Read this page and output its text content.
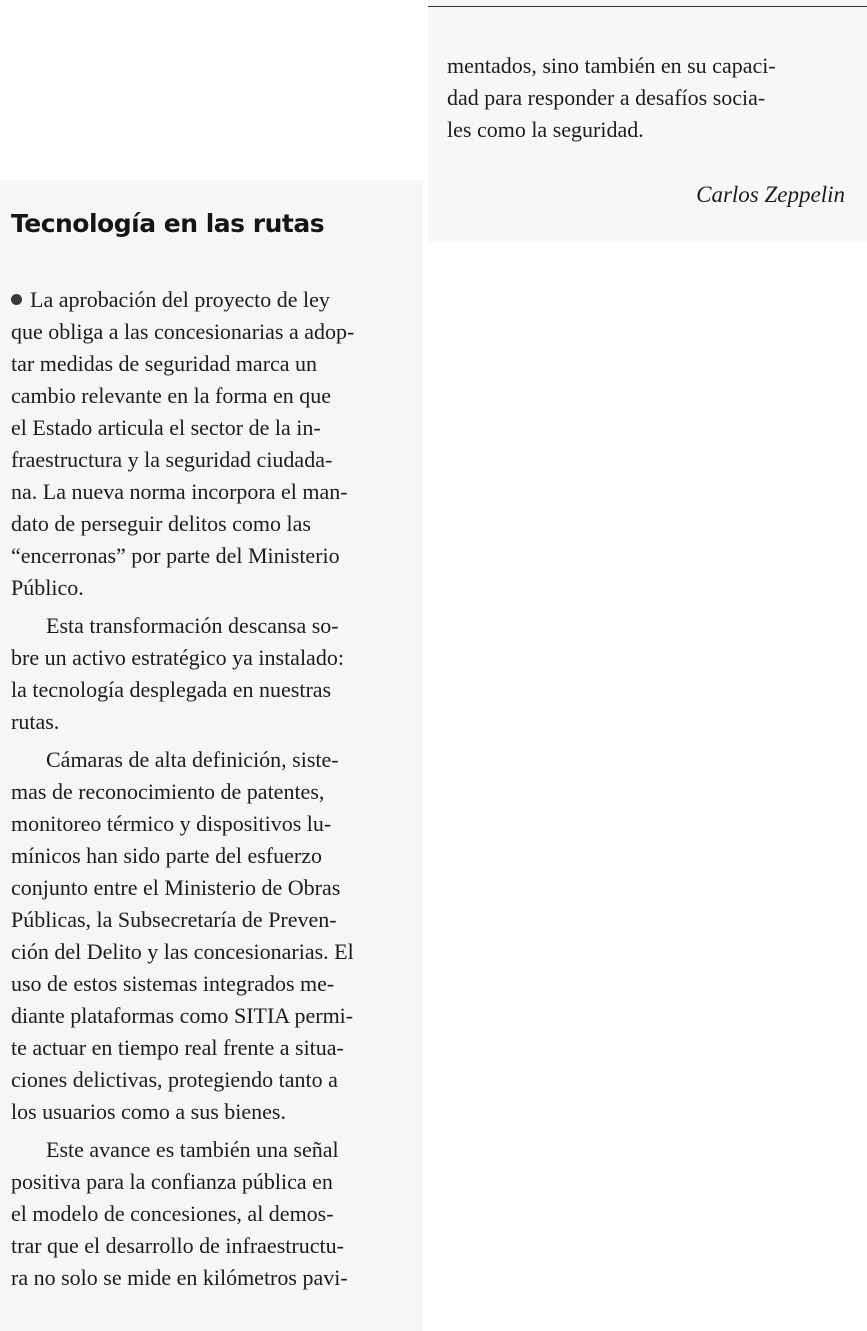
mentados, sino también en su capaci-
dad para responder a desafíos socia-
les como la seguridad.
Carlos Zeppelin
Tecnología en las rutas
La aprobación del proyecto de ley
que obliga a las concesionarias a adop-
tar medidas de seguridad marca un
cambio relevante en la forma en que
el Estado articula el sector de la in-
fraestructura y la seguridad ciudada-
na. La nueva norma incorpora el man-
dato de perseguir delitos como las
“encerronas” por parte del Ministerio
Público.
Esta transformación descansa so-
bre un activo estratégico ya instalado:
la tecnología desplegada en nuestras
rutas.
Cámaras de alta definición, siste-
mas de reconocimiento de patentes,
monitoreo térmico y dispositivos lu-
mínicos han sido parte del esfuerzo
conjunto entre el Ministerio de Obras
Públicas, la Subsecretaría de Preven-
ción del Delito y las concesionarias. El
uso de estos sistemas integrados me-
diante plataformas como SITIA permi-
te actuar en tiempo real frente a situa-
ciones delictivas, protegiendo tanto a
los usuarios como a sus bienes.
Este avance es también una señal
positiva para la confianza pública en
el modelo de concesiones, al demos-
trar que el desarrollo de infraestructu-
ra no solo se mide en kilómetros pavi-
